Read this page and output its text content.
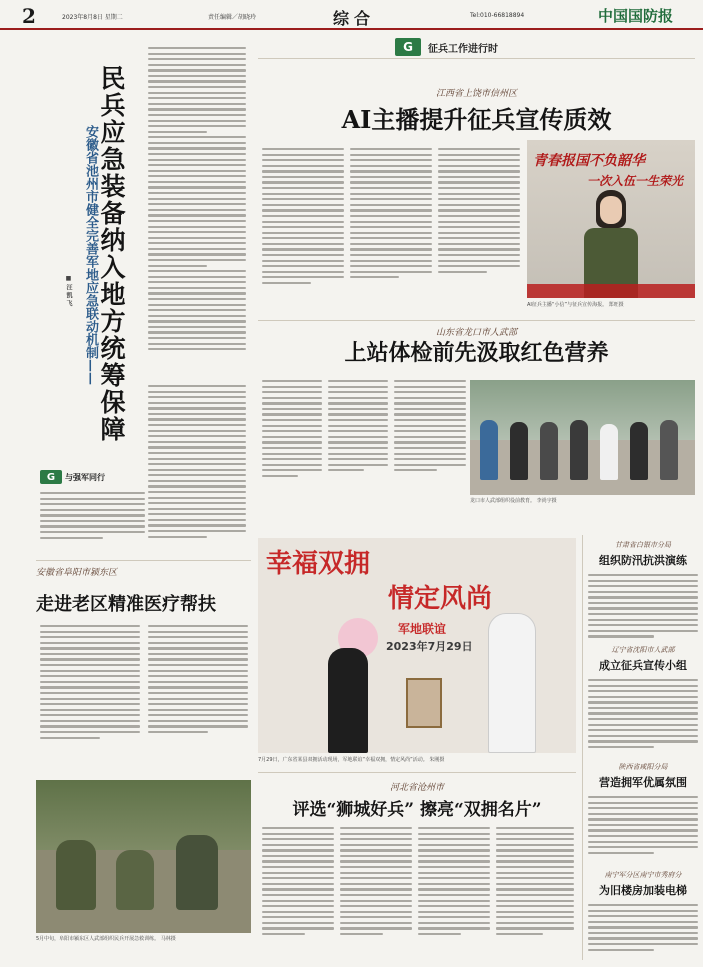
2	2023年8月8日 星期二	责任编辑／胡晓玲	综合	Tel:010-66818894	中国国防报
民兵应急装备纳入地方统筹保障
安徽省池州市健全完善军地应急联动机制——
■ 汪 凯 飞
G	与强军同行
G	征兵工作进行时
江西省上饶市信州区
AI主播提升征兵宣传质效
青春报国不负韶华
一次入伍一生荣光
AI征兵主播“小信”与征兵宣传海报。 郑旺摄
山东省龙口市人武部
上站体检前先汲取红色营养
龙口市人武部组织役前教育。 李尚宇摄
安徽省阜阳市颍东区
走进老区精准医疗帮扶
5月中旬，阜阳市颍东区人武部组织民兵开展急救训练。 马林摄
幸福双拥
情定风尚
军地联谊
2023年7月29日
7月29日，广东省某县双拥活动现场，军地联谊“幸福双拥，情定风尚”活动。 朱刚摄
河北省沧州市
评选“狮城好兵” 擦亮“双拥名片”
甘肃省白银市分局
组织防汛抗洪演练
辽宁省沈阳市人武部
成立征兵宣传小组
陕西省咸阳分局
营造拥军优属氛围
南宁军分区南宁市秀府分
为旧楼房加装电梯
